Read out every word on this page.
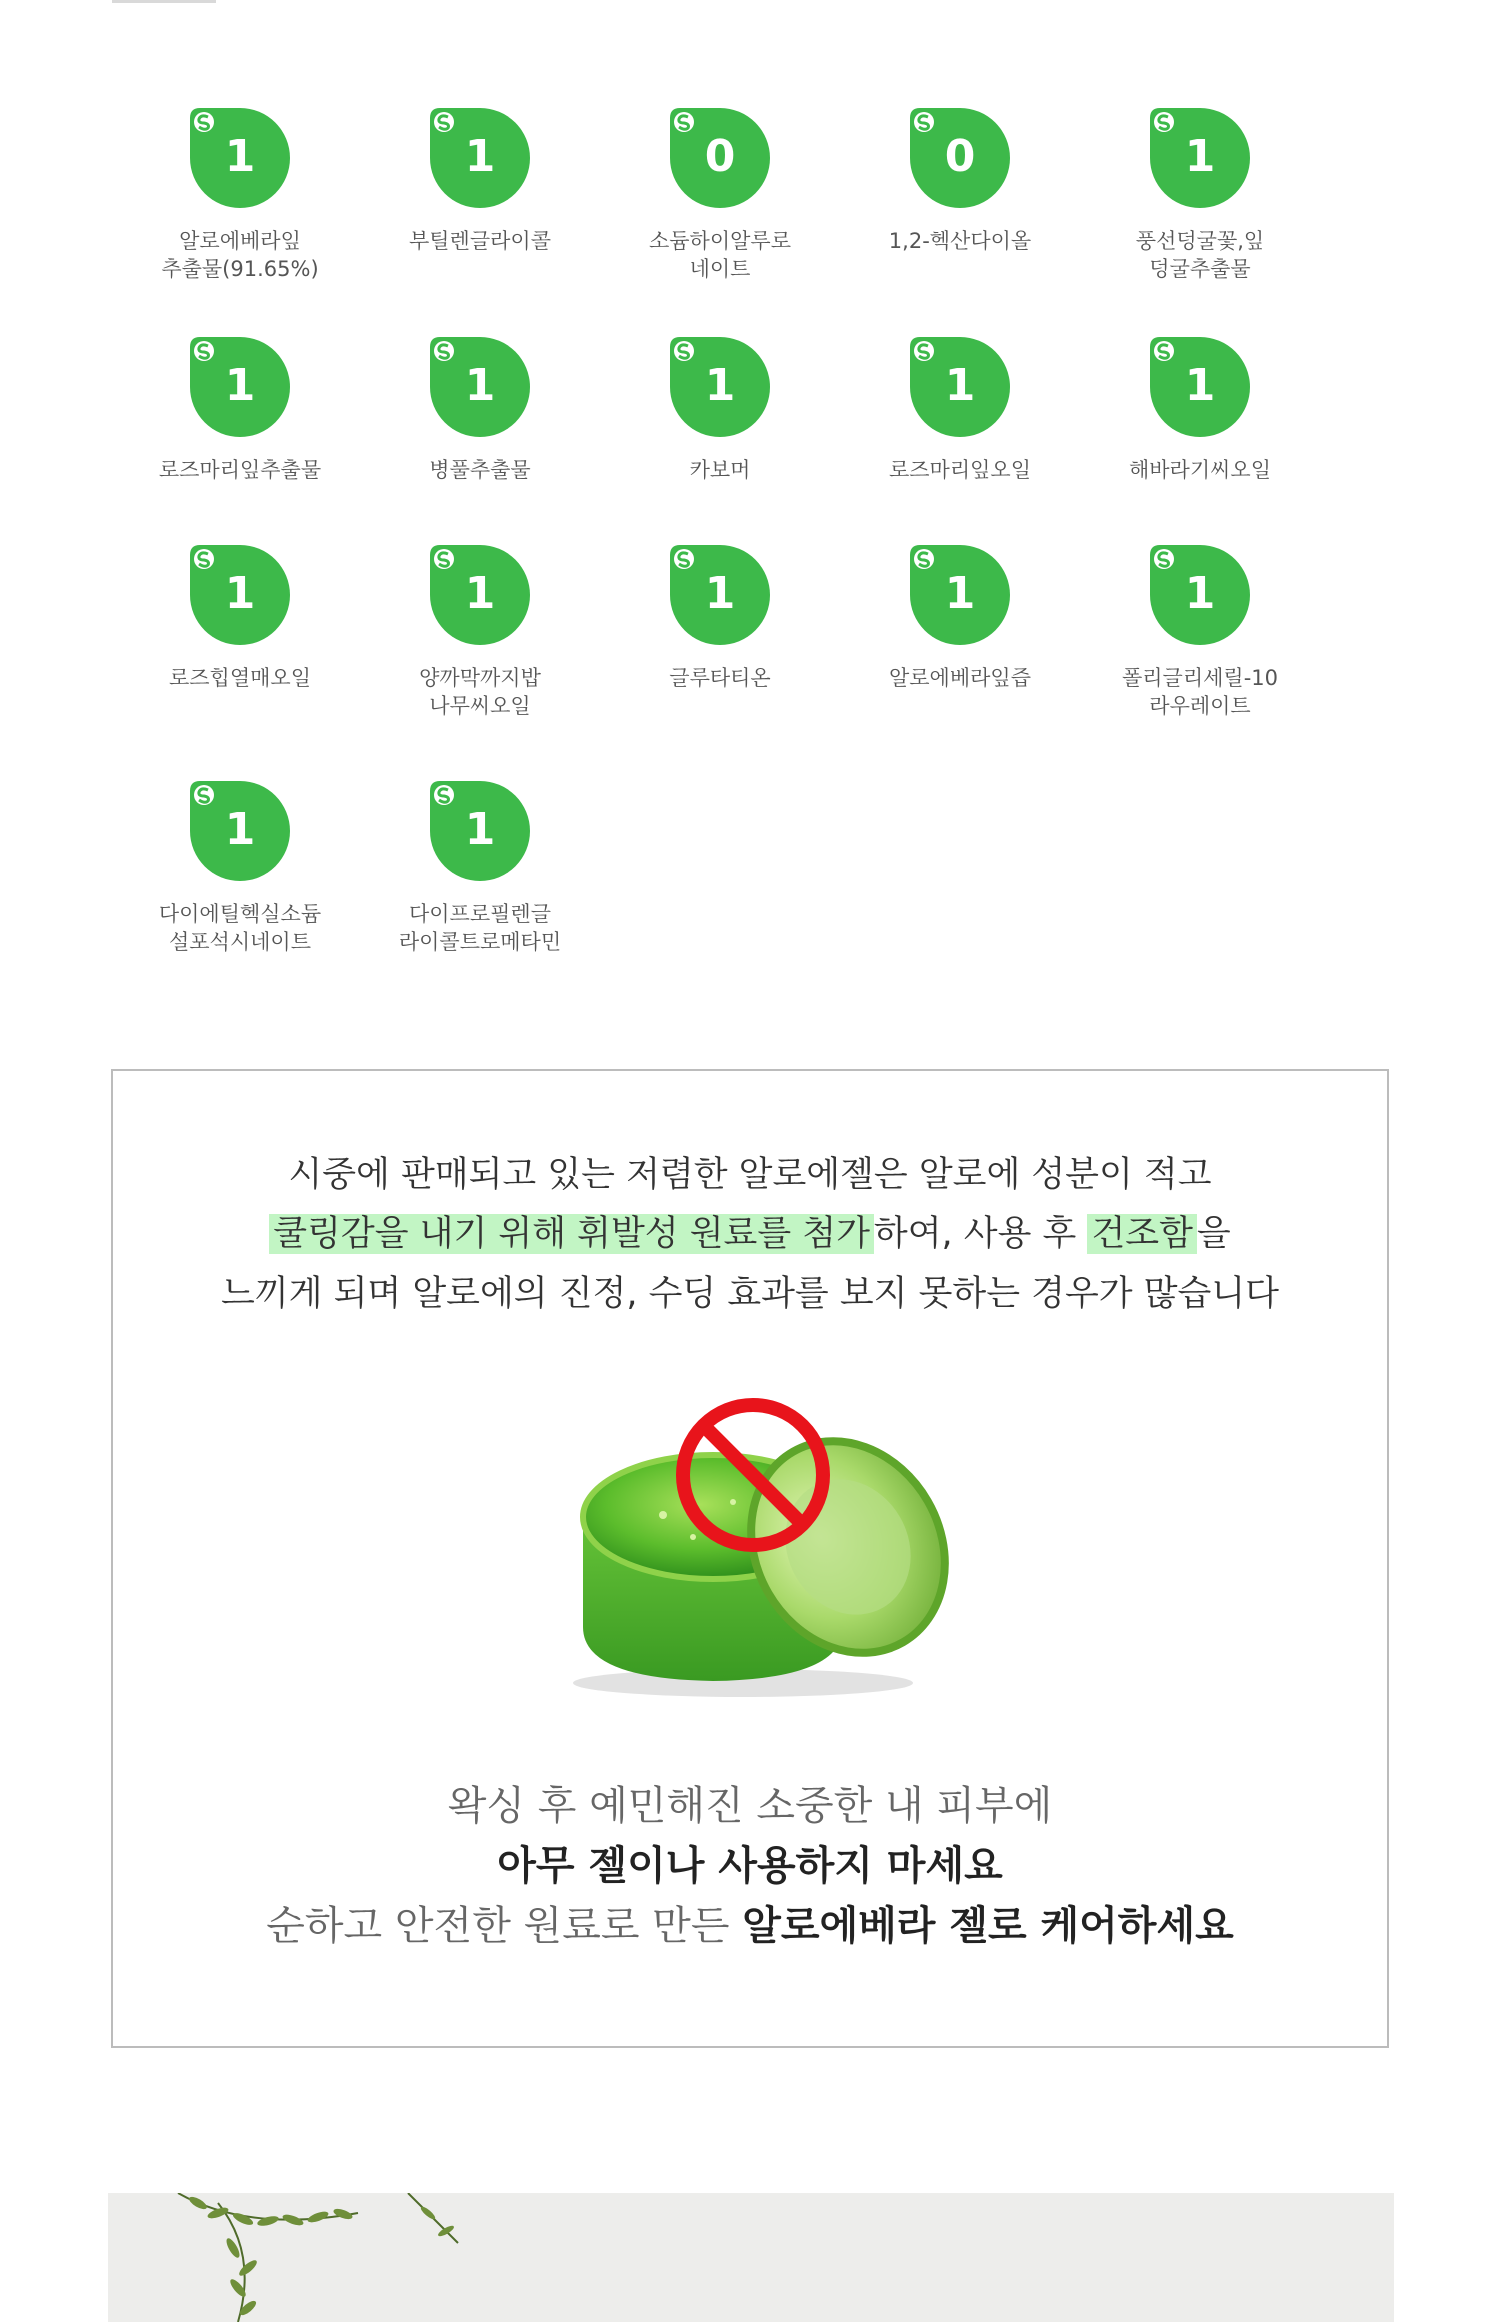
1
알로에베라잎
추출물(91.65%)
1
부틸렌글라이콜
0
소듐하이알루로
네이트
0
1,2-헥산다이올
1
풍선덩굴꽃,잎
덩굴추출물
1
로즈마리잎추출물
1
병풀추출물
1
카보머
1
로즈마리잎오일
1
해바라기씨오일
1
로즈힙열매오일
1
양까막까지밥
나무씨오일
1
글루타티온
1
알로에베라잎즙
1
폴리글리세릴-10
라우레이트
1
다이에틸헥실소듐
설포석시네이트
1
다이프로필렌글
라이콜트로메타민
시중에 판매되고 있는 저렴한 알로에젤은 알로에 성분이 적고
쿨링감을 내기 위해 휘발성 원료를 첨가 하여, 사용 후 건조함 을
느끼게 되며 알로에의 진정, 수딩 효과를 보지 못하는 경우가 많습니다
왁싱 후 예민해진 소중한 내 피부에
아무 젤이나 사용하지 마세요
순하고 안전한 원료로 만든 알로에베라 젤로 케어하세요
